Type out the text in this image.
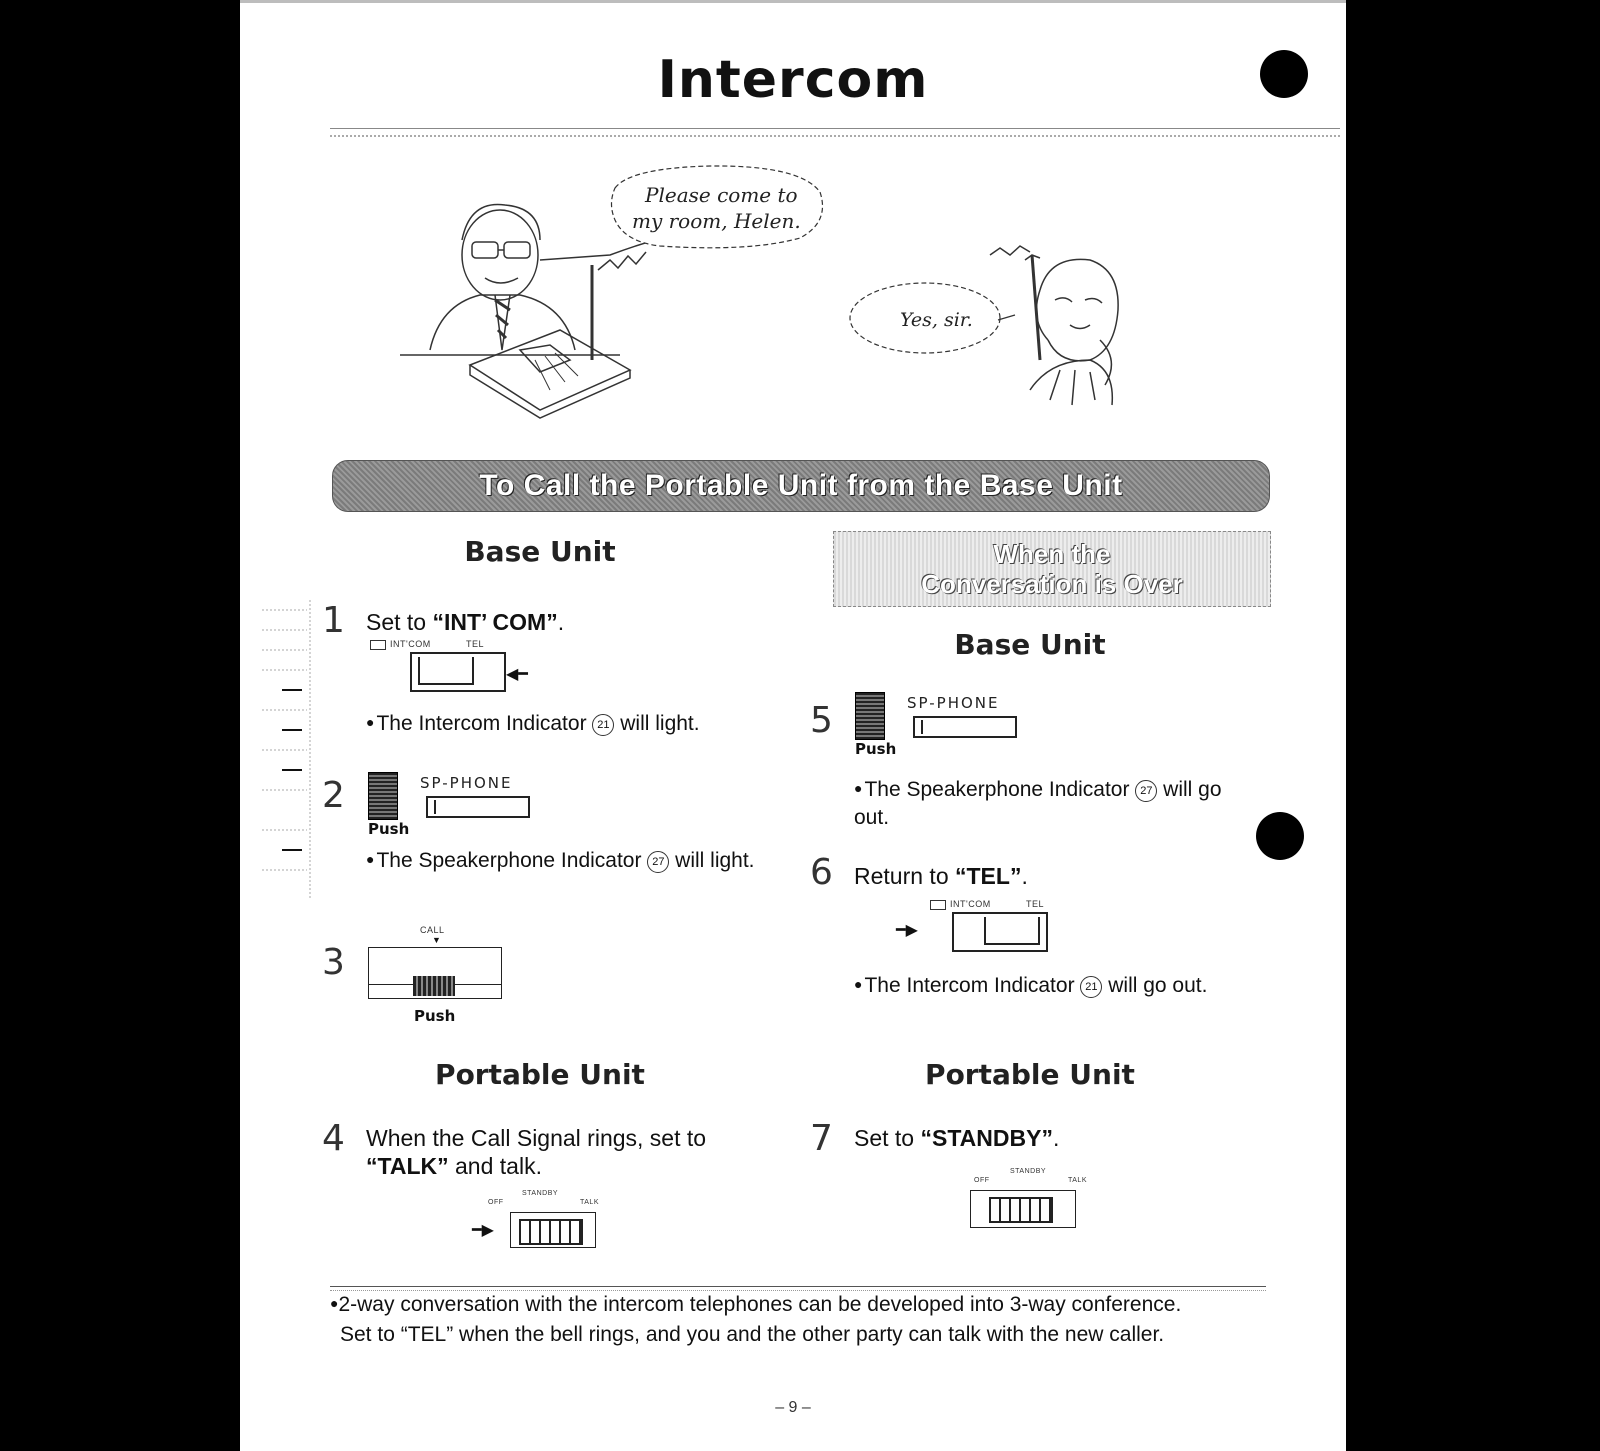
Intercom
Please come to
my room, Helen.
Yes, sir.
To Call the Portable Unit from the Base Unit
Base Unit
1 Set to “INT’ COM”.
INT'COM	TEL
◀━
●The Intercom Indicator 21 will light.
2	SP-PHONE
Push
●The Speakerphone Indicator 27 will light.
3
CALL
▼
Push
Portable Unit
4 When the Call Signal rings, set to
“TALK” and talk.
STANDBY
OFF	TALK
━▶
When the
Conversation is Over
Base Unit
5	SP-PHONE
Push
●The Speakerphone Indicator 27 will go out.
6 Return to “TEL”.
INT'COM	TEL
━▶
●The Intercom Indicator 21 will go out.
Portable Unit
7 Set to “STANDBY”.
STANDBY
OFF	TALK

●2-way conversation with the intercom telephones can be developed into 3-way conference.

Set to “TEL” when the bell rings, and you and the other party can talk with the new caller.

– 9 –
